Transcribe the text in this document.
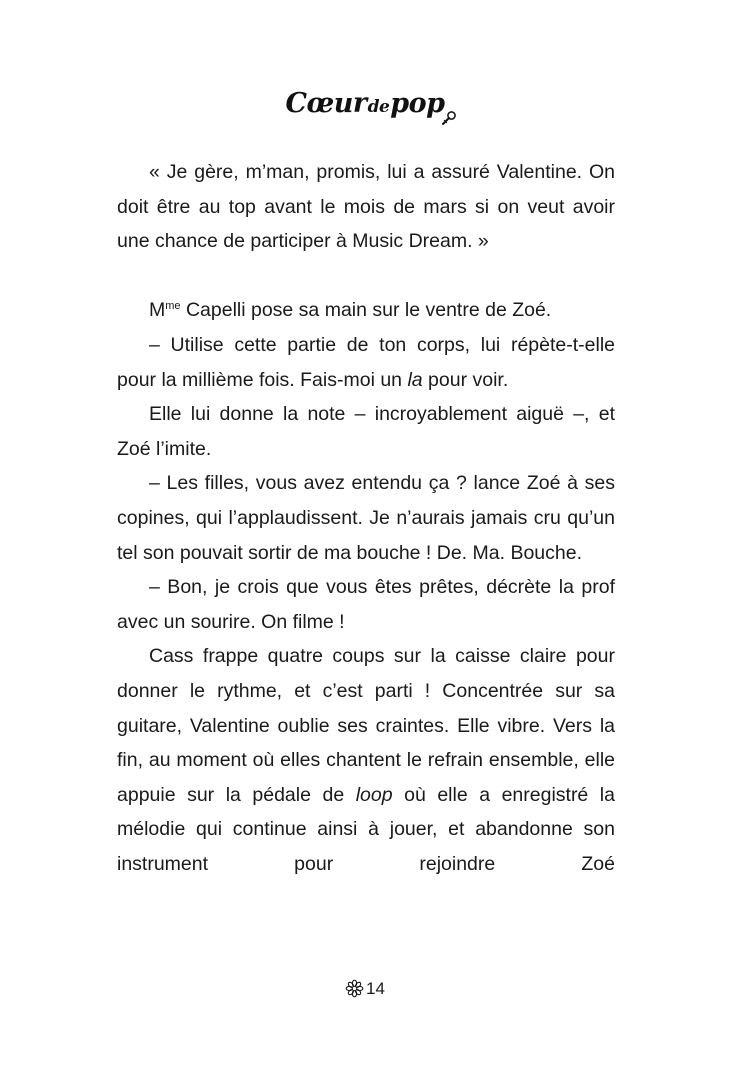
Cœurdepop

« Je gère, m’man, promis, lui a assuré Valentine. On doit être au top avant le mois de mars si on veut avoir une chance de participer à Music Dream. »

$M^{me}$ Capelli pose sa main sur le ventre de Zoé.

– Utilise cette partie de ton corps, lui répète-t-elle pour la millième fois. Fais-moi un la pour voir.

Elle lui donne la note – incroyablement aiguë –, et Zoé l’imite.

– Les filles, vous avez entendu ça ? lance Zoé à ses copines, qui l’applaudissent. Je n’aurais jamais cru qu’un tel son pouvait sortir de ma bouche ! De. Ma. Bouche.

– Bon, je crois que vous êtes prêtes, décrète la prof avec un sourire. On filme !

Cass frappe quatre coups sur la caisse claire pour donner le rythme, et c’est parti ! Concentrée sur sa guitare, Valentine oublie ses craintes. Elle vibre. Vers la fin, au moment où elles chantent le refrain ensemble, elle appuie sur la pédale de loop où elle a enregistré la mélodie qui continue ainsi à jouer, et abandonne son instrument pour rejoindre Zoé

14
